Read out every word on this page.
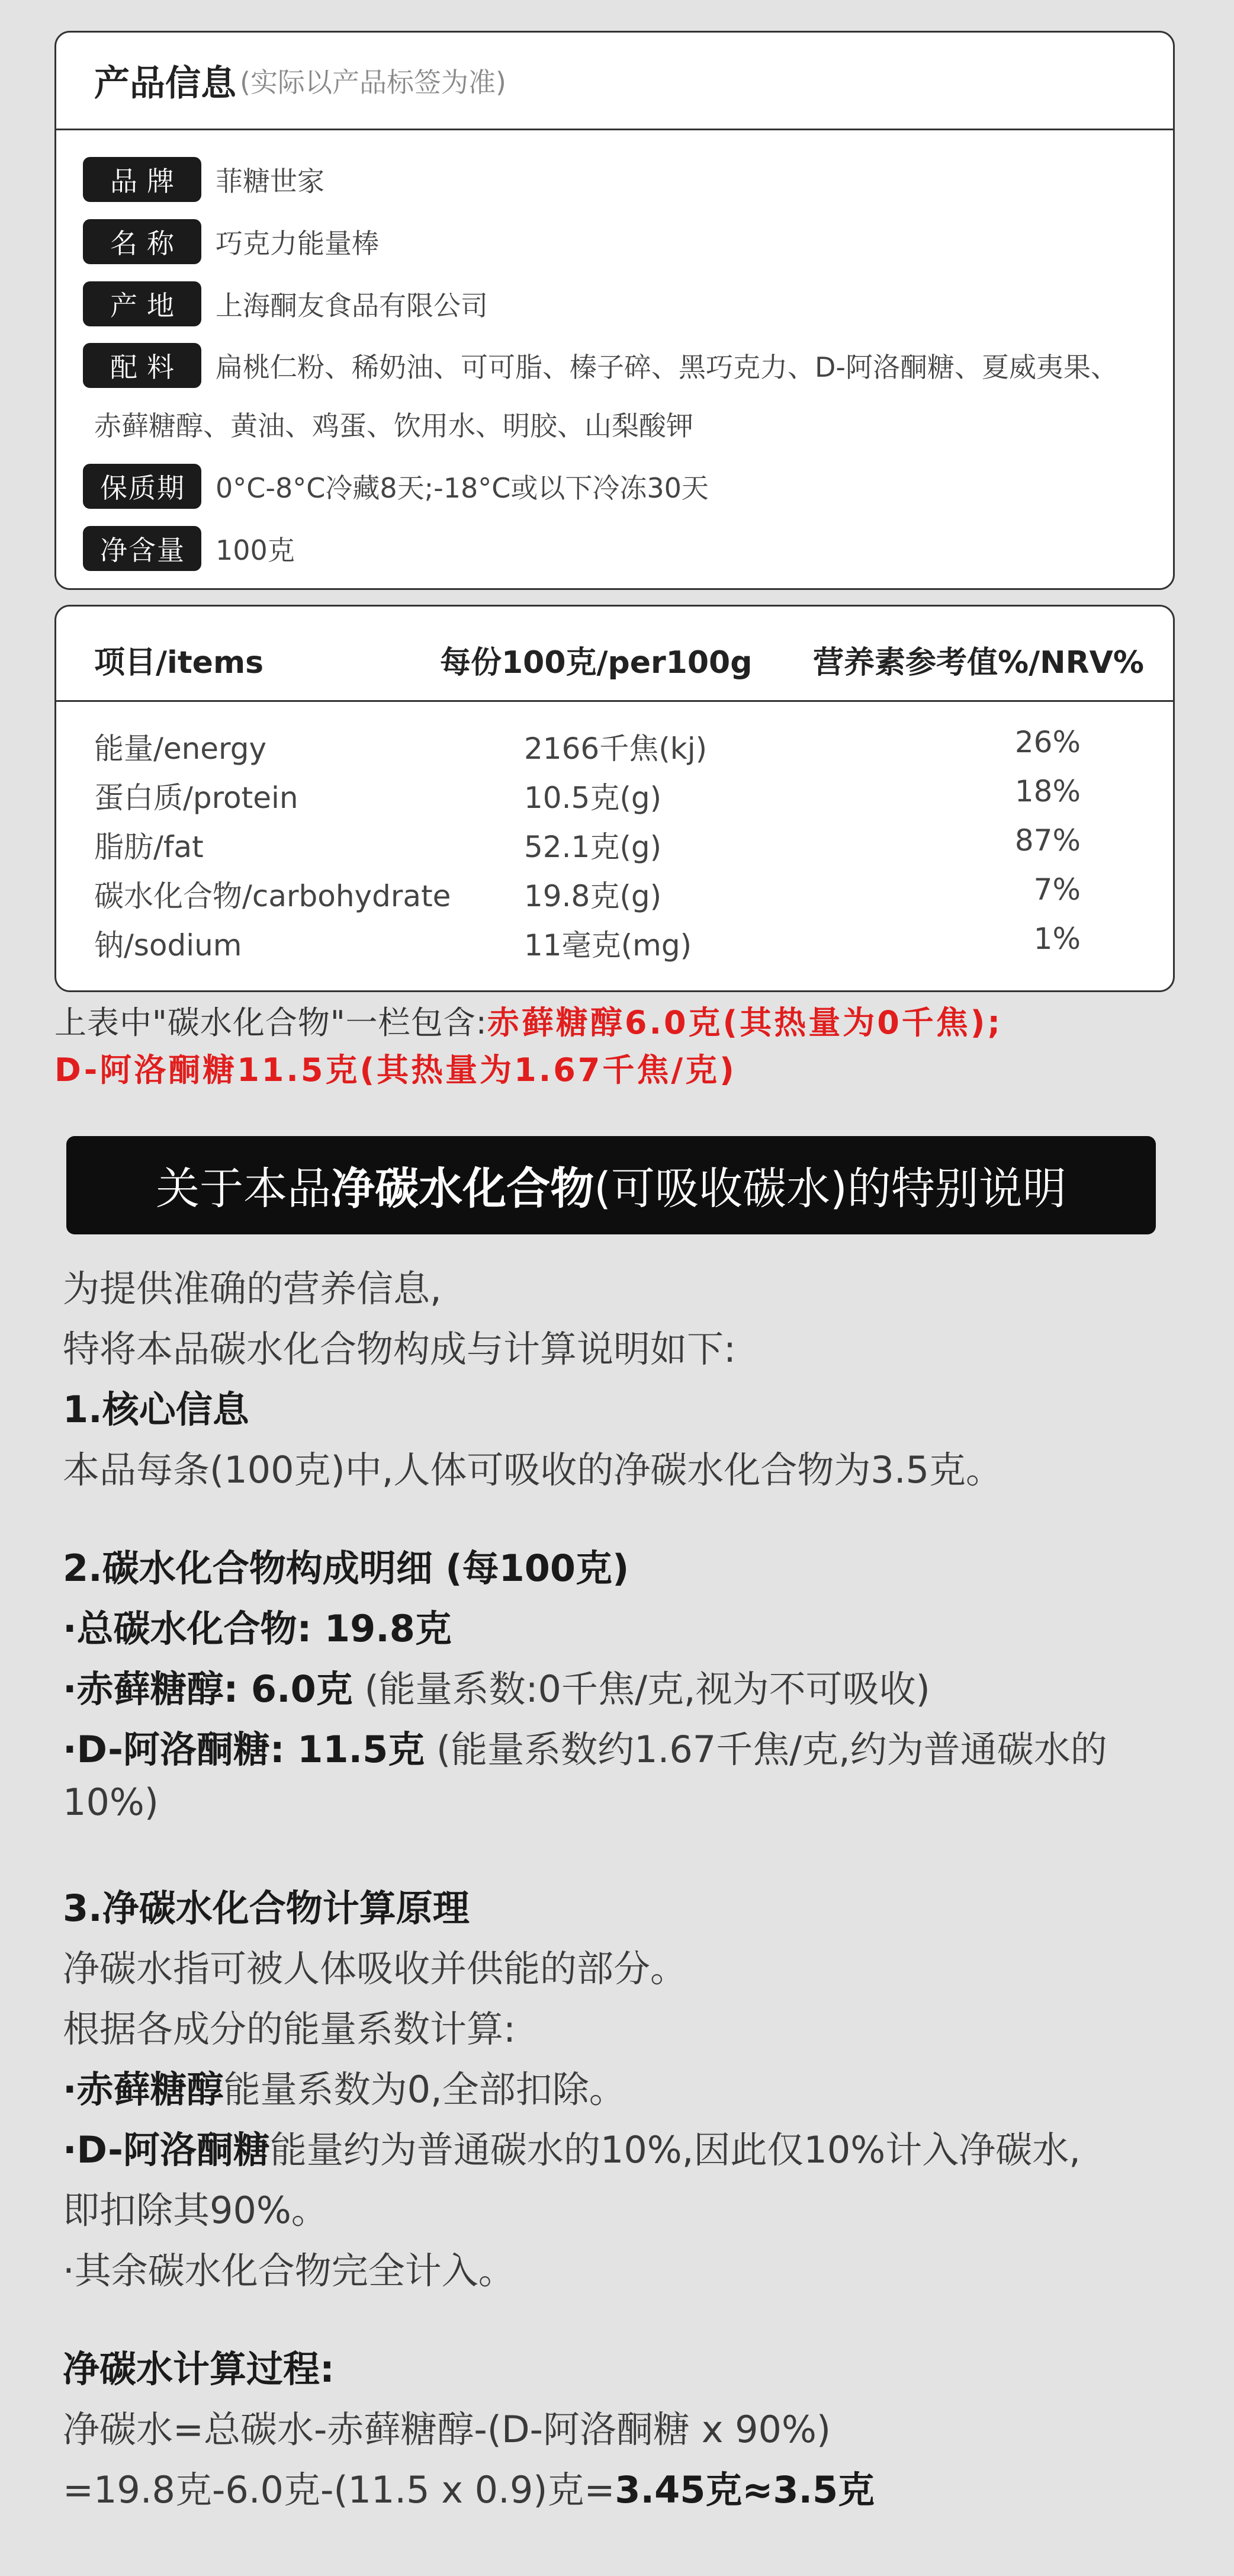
产品信息 (实际以产品标签为准)
品牌	菲糖世家
名称	巧克力能量棒
产地	上海酮友食品有限公司
配料	扁桃仁粉、稀奶油、可可脂、榛子碎、黑巧克力、D-阿洛酮糖、夏威夷果、
赤藓糖醇、黄油、鸡蛋、饮用水、明胶、山梨酸钾
保质期	0°C-8°C冷藏8天;-18°C或以下冷冻30天
净含量	100克
项目/items	每份100克/per100g 营养素参考值%/NRV%
能量/energy	2166千焦(kj)	26%
蛋白质/protein	10.5克(g)	18%
脂肪/fat	52.1克(g)	87%
碳水化合物/carbohydrate 19.8克(g)	7%
钠/sodium	11毫克(mg)	1%
上表中"碳水化合物"一栏包含:赤藓糖醇6.0克(其热量为0千焦);
D-阿洛酮糖11.5克(其热量为1.67千焦/克)
关于本品 净碳水化合物 (可吸收碳水)的特别说明
为提供准确的营养信息,
特将本品碳水化合物构成与计算说明如下:
1.核心信息
本品每条(100克)中,人体可吸收的净碳水化合物为3.5克。
2.碳水化合物构成明细 (每100克)
·总碳水化合物: 19.8克
·赤藓糖醇: 6.0克 (能量系数:0千焦/克,视为不可吸收)
·D-阿洛酮糖: 11.5克 (能量系数约1.67千焦/克,约为普通碳水的
10%)
3.净碳水化合物计算原理
净碳水指可被人体吸收并供能的部分。
根据各成分的能量系数计算:
·赤藓糖醇能量系数为0,全部扣除。
·D-阿洛酮糖能量约为普通碳水的10%,因此仅10%计入净碳水,
即扣除其90%。
·其余碳水化合物完全计入。
净碳水计算过程:
净碳水=总碳水-赤藓糖醇-(D-阿洛酮糖 x 90%)
=19.8克-6.0克-(11.5 x 0.9)克=3.45克≈3.5克
